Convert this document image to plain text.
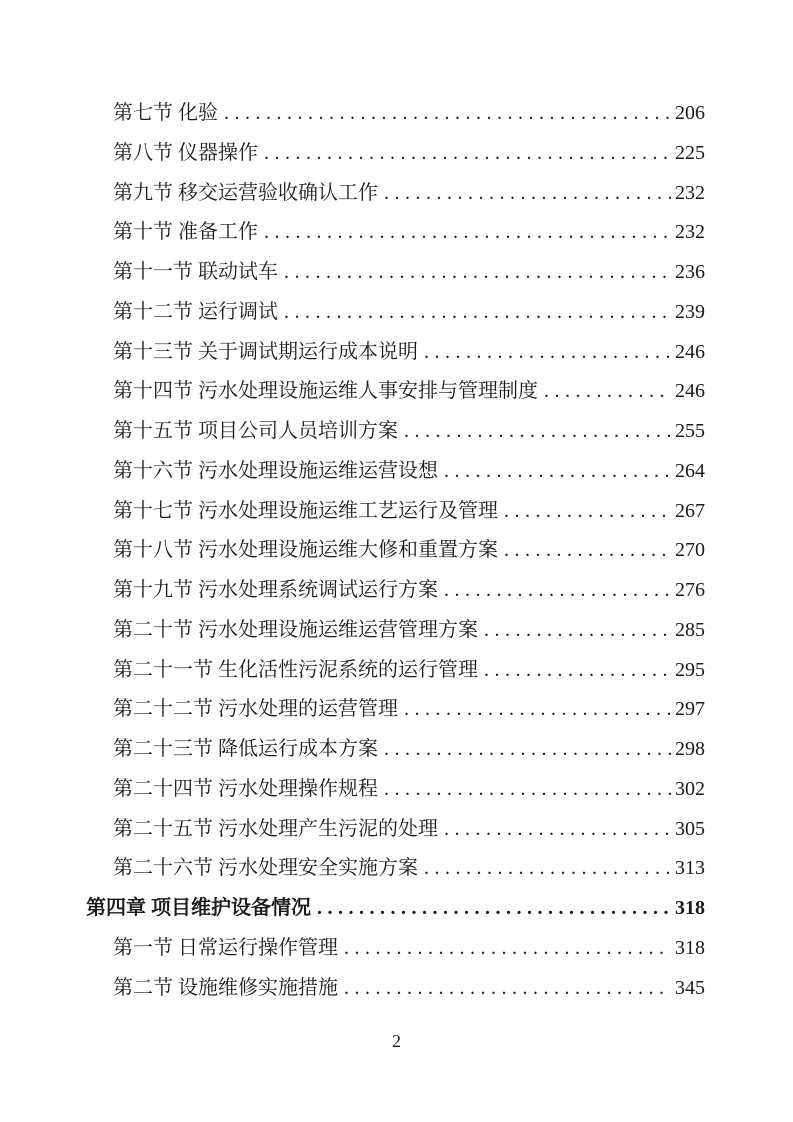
第七节 化验 .....	206
第八节 仪器操作 .....	225
第九节 移交运营验收确认工作 .....	232
第十节 准备工作 .....	232
第十一节 联动试车 .....	236
第十二节 运行调试 .....	239
第十三节 关于调试期运行成本说明 .....	246
第十四节 污水处理设施运维人事安排与管理制度 .....	246
第十五节 项目公司人员培训方案 .....	255
第十六节 污水处理设施运维运营设想 .....	264
第十七节 污水处理设施运维工艺运行及管理 .....	267
第十八节 污水处理设施运维大修和重置方案 .....	270
第十九节 污水处理系统调试运行方案 .....	276
第二十节 污水处理设施运维运营管理方案 .....	285
第二十一节 生化活性污泥系统的运行管理 .....	295
第二十二节 污水处理的运营管理 .....	297
第二十三节 降低运行成本方案 .....	298
第二十四节 污水处理操作规程 .....	302
第二十五节 污水处理产生污泥的处理 .....	305
第二十六节 污水处理安全实施方案 .....	313
第四章 项目维护设备情况 .....	318
第一节 日常运行操作管理 .....	318
第二节 设施维修实施措施 .....	345
2
